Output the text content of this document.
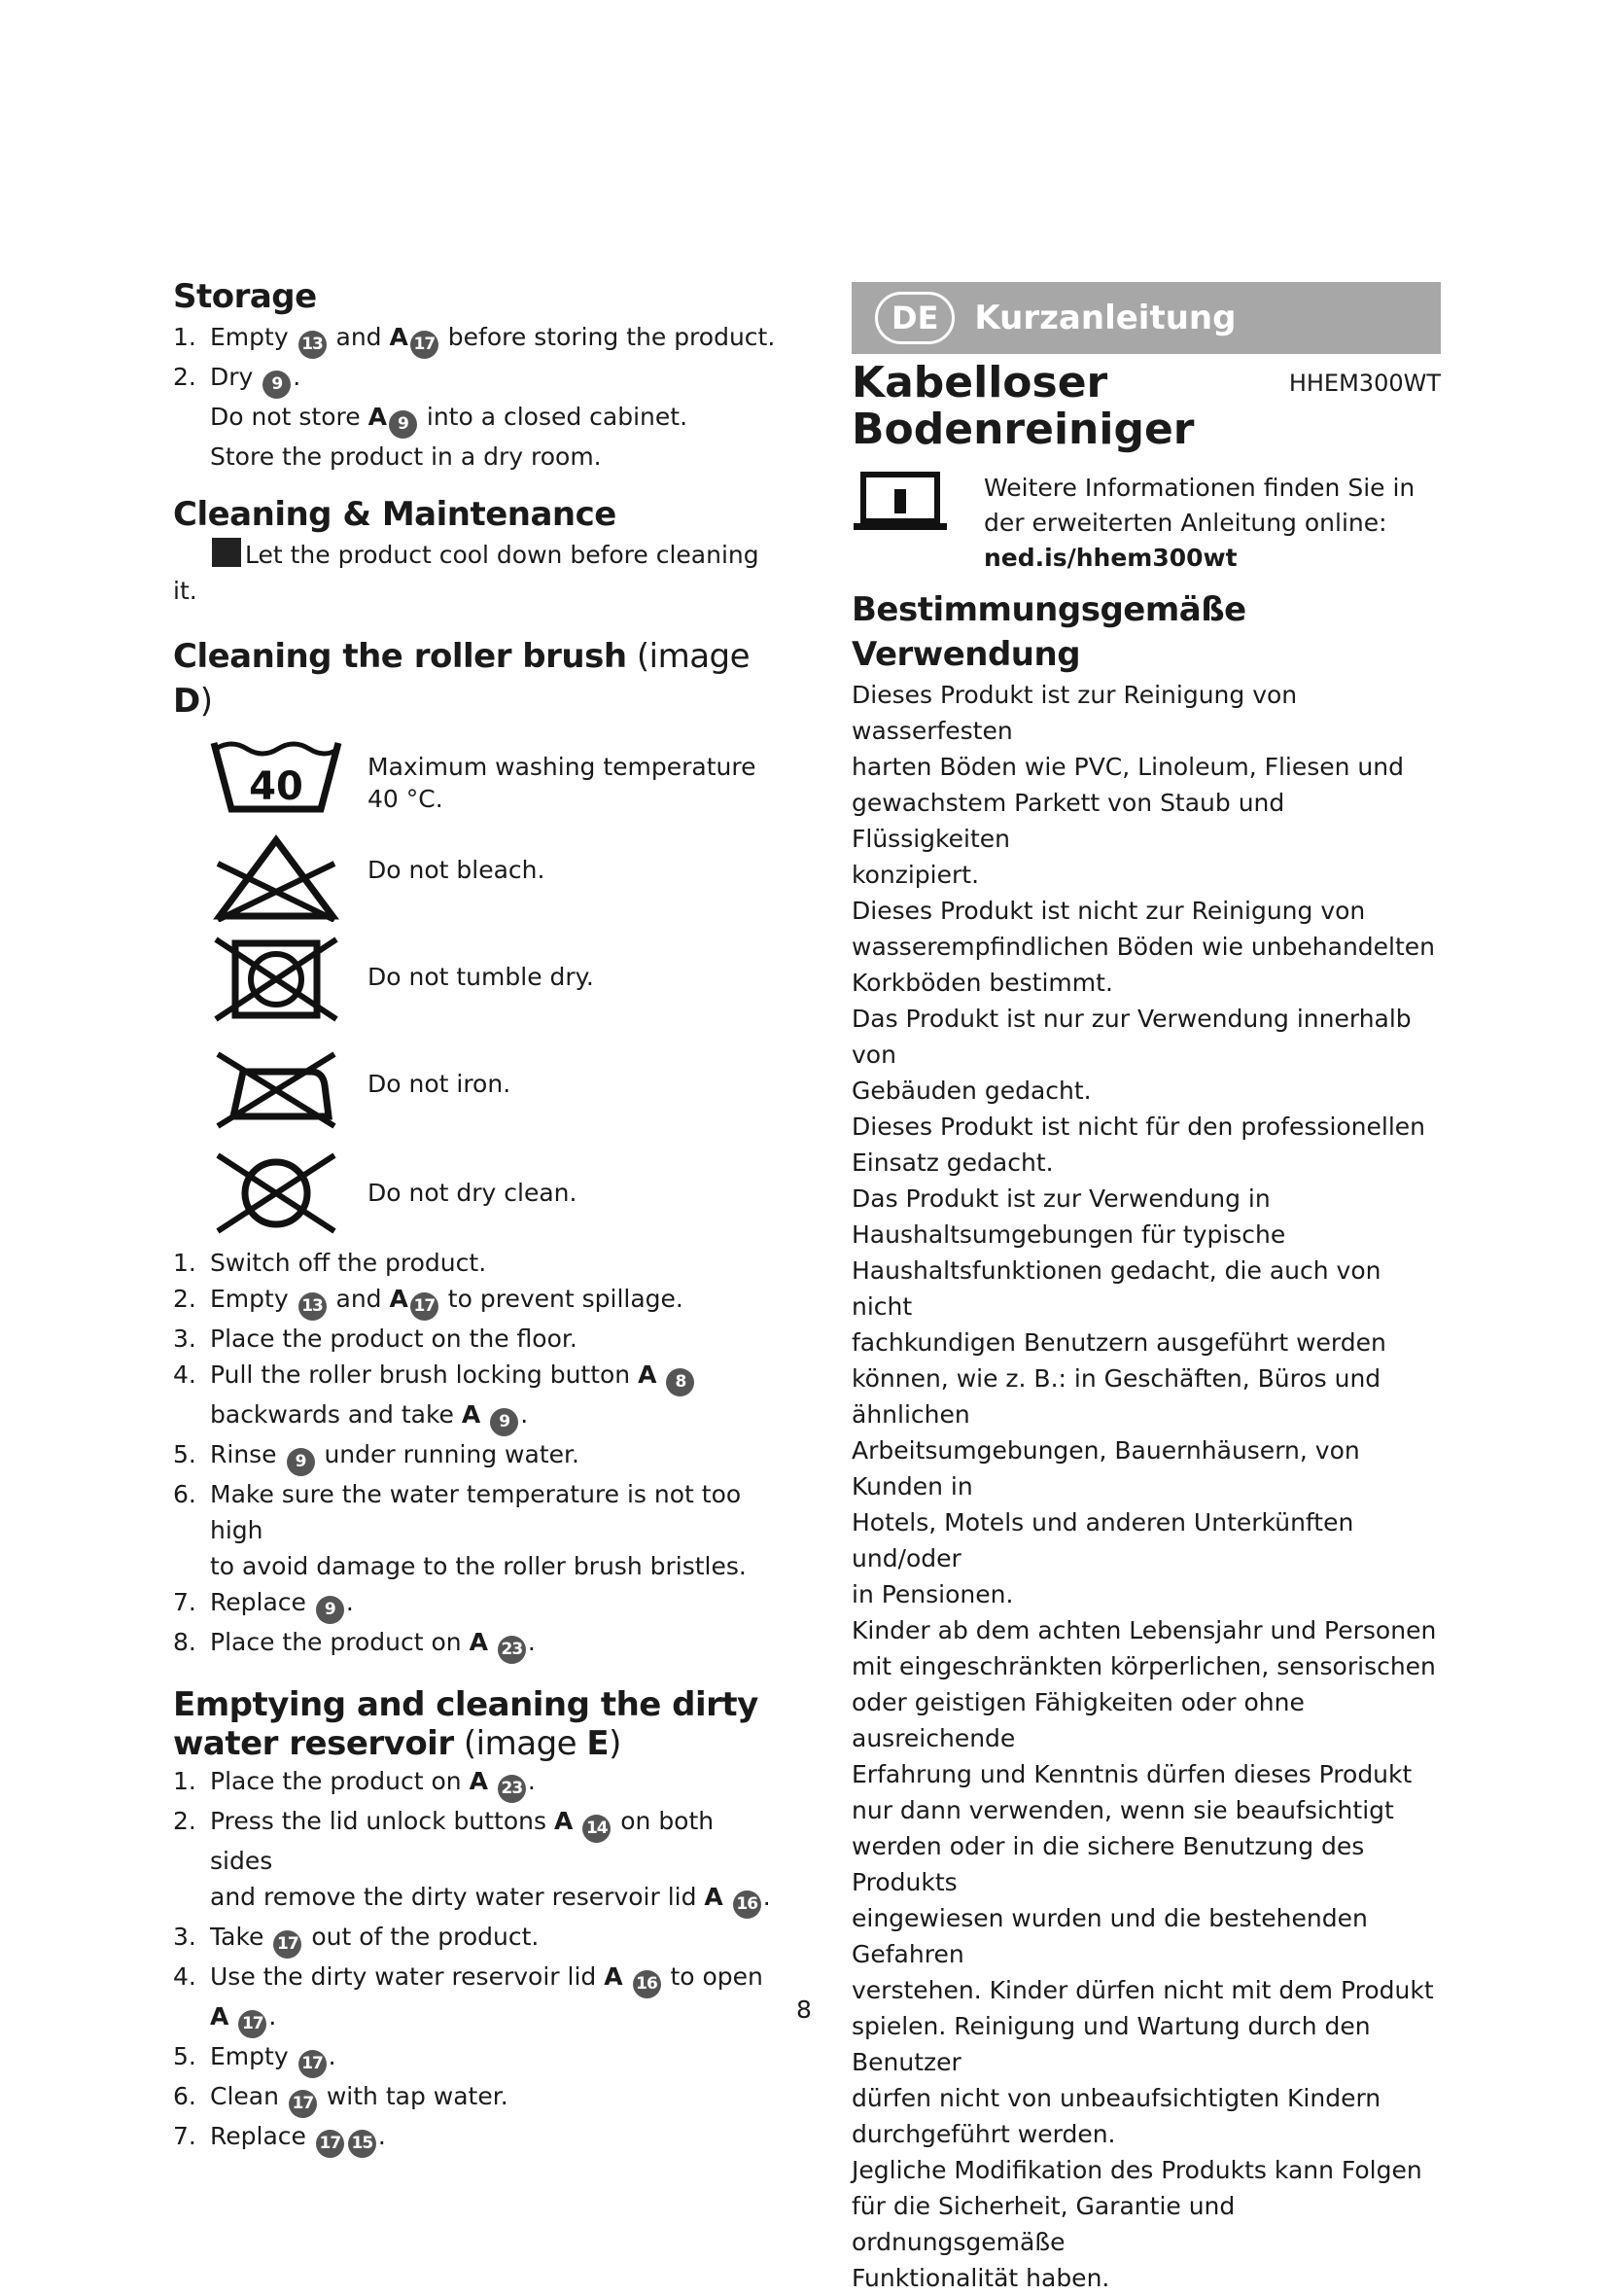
Storage
1. Empty 13 and A 17 before storing the product.
2. Dry 9 .
Do not store A 9 into a closed cabinet.
Store the product in a dry room.
Cleaning & Maintenance
Let the product cool down before cleaning it.
Cleaning the roller brush (image D)
40	Maximum washing temperature 40 °C.
Do not bleach.
Do not tumble dry.
Do not iron.
Do not dry clean.
1. Switch off the product.
2. Empty 13 and A 17 to prevent spillage.
3. Place the product on the floor.
4. Pull the roller brush locking button A 8
backwards and take A 9 .
5. Rinse 9 under running water.
6. Make sure the water temperature is not too high
to avoid damage to the roller brush bristles.
7. Replace 9 .
8. Place the product on A 23 .
Emptying and cleaning the dirty
water reservoir (image E)
1. Place the product on A 23 .
2. Press the lid unlock buttons A 14 on both sides
and remove the dirty water reservoir lid A 16 .
3. Take 17 out of the product.
4. Use the dirty water reservoir lid A 16 to open
A 17 .
5. Empty 17 .
6. Clean 17 with tap water.
7. Replace 17 15 .
DE	Kurzanleitung
Kabelloser
Bodenreiniger
HHEM300WT
Weitere Informationen finden Sie in
der erweiterten Anleitung online:
ned.is/hhem300wt
Bestimmungsgemäße Verwendung
Dieses Produkt ist zur Reinigung von wasserfesten
harten Böden wie PVC, Linoleum, Fliesen und
gewachstem Parkett von Staub und Flüssigkeiten
konzipiert.
Dieses Produkt ist nicht zur Reinigung von
wasserempfindlichen Böden wie unbehandelten
Korkböden bestimmt.
Das Produkt ist nur zur Verwendung innerhalb von
Gebäuden gedacht.
Dieses Produkt ist nicht für den professionellen
Einsatz gedacht.
Das Produkt ist zur Verwendung in
Haushaltsumgebungen für typische
Haushaltsfunktionen gedacht, die auch von nicht
fachkundigen Benutzern ausgeführt werden
können, wie z. B.: in Geschäften, Büros und ähnlichen
Arbeitsumgebungen, Bauernhäusern, von Kunden in
Hotels, Motels und anderen Unterkünften und/oder
in Pensionen.
Kinder ab dem achten Lebensjahr und Personen
mit eingeschränkten körperlichen, sensorischen
oder geistigen Fähigkeiten oder ohne ausreichende
Erfahrung und Kenntnis dürfen dieses Produkt
nur dann verwenden, wenn sie beaufsichtigt
werden oder in die sichere Benutzung des Produkts
eingewiesen wurden und die bestehenden Gefahren
verstehen. Kinder dürfen nicht mit dem Produkt
spielen. Reinigung und Wartung durch den Benutzer
dürfen nicht von unbeaufsichtigten Kindern
durchgeführt werden.
Jegliche Modifikation des Produkts kann Folgen
für die Sicherheit, Garantie und ordnungsgemäße
Funktionalität haben.
8
